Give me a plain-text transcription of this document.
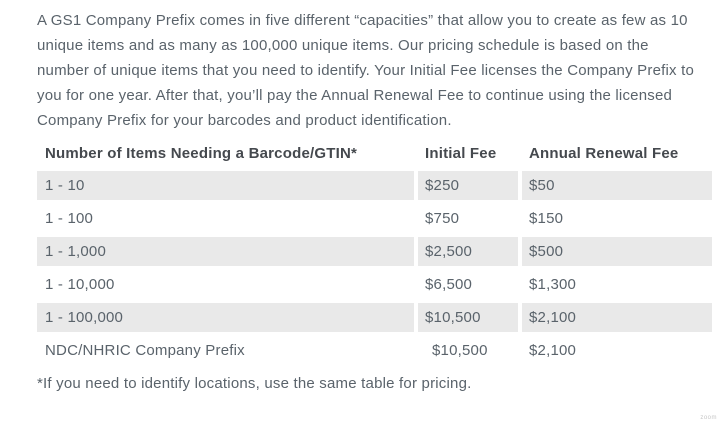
A GS1 Company Prefix comes in five different “capacities” that allow you to create as few as 10 unique items and as many as 100,000 unique items. Our pricing schedule is based on the number of unique items that you need to identify. Your Initial Fee licenses the Company Prefix to you for one year. After that, you’ll pay the Annual Renewal Fee to continue using the licensed Company Prefix for your barcodes and product identification.

Number of Items Needing a Barcode/GTIN*	Initial Fee	Annual Renewal Fee
1 - 10	$250	$50
1 - 100	$750	$150
1 - 1,000	$2,500	$500
1 - 10,000	$6,500	$1,300
1 - 100,000	$10,500	$2,100
NDC/NHRIC Company Prefix	$10,500	$2,100

*If you need to identify locations, use the same table for pricing.

zoom
